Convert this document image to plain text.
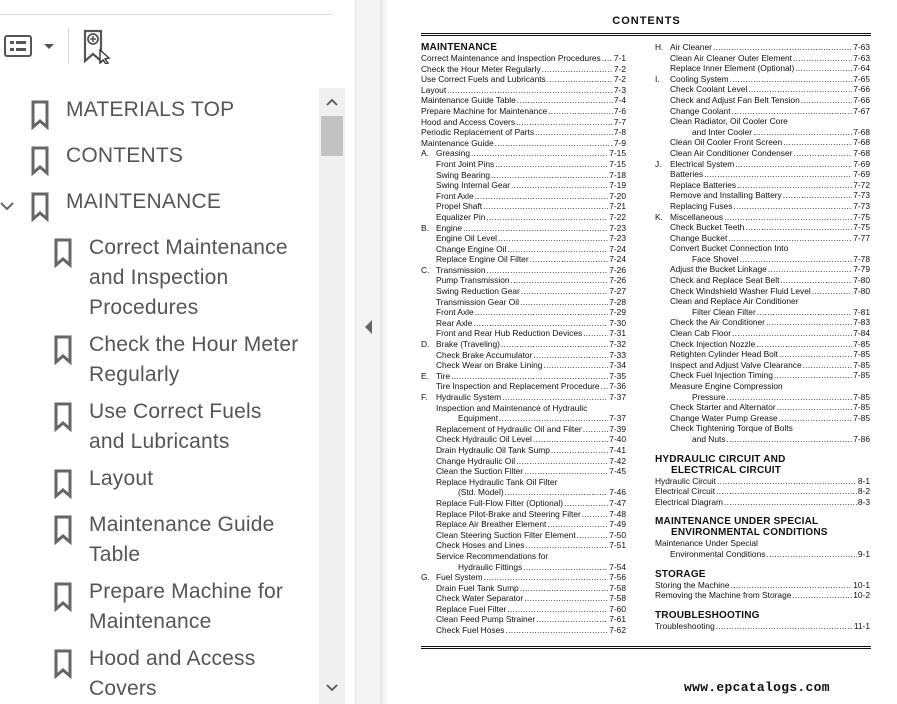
MATERIALS TOP
CONTENTS
MAINTENANCE
Correct Maintenance and Inspection Procedures
Check the Hour Meter Regularly
Use Correct Fuels and Lubricants
Layout
Maintenance Guide Table
Prepare Machine for Maintenance
Hood and Access Covers
CONTENTS
MAINTENANCE
Correct Maintenance and Inspection Procedures ..... 7-1
Check the Hour Meter Regularly .....	7-2
Use Correct Fuels and Lubricants .....	7-2
Layout .....	7-3
Maintenance Guide Table .....	7-4
Prepare Machine for Maintenance .....	7-6
Hood and Access Covers .....	7-7
Periodic Replacement of Parts .....	7-8
Maintenance Guide .....	7-9
A. Greasing .....	7-15
Front Joint Pins .....	7-15
Swing Bearing .....	7-18
Swing Internal Gear .....	7-19
Front Axle .....	7-20
Propel Shaft .....	7-21
Equalizer Pin .....	7-22
B. Engine .....	7-23
Engine Oil Level .....	7-23
Change Engine Oil .....	7-24
Replace Engine Oil Filter .....	7-24
C. Transmission .....	7-26
Pump Transmission .....	7-26
Swing Reduction Gear .....	7-27
Transmission Gear Oil .....	7-28
Front Axle .....	7-29
Rear Axle .....	7-30
Front and Rear Hub Reduction Devices .....	7-31
D. Brake (Traveling) .....	7-32
Check Brake Accumulator .....	7-33
Check Wear on Brake Lining .....	7-34
E. Tire .....	7-35
Tire Inspection and Replacement Procedure ..... 7-36
F.	Hydraulic System .....	7-37
Inspection and Maintenance of Hydraulic
Equipment .....	7-37
Replacement of Hydraulic Oil and Filter .....	7-39
Check Hydraulic Oil Level .....	7-40
Drain Hydraulic Oil Tank Sump .....	7-41
Change Hydraulic Oil .....	7-42
Clean the Suction Filter .....	7-45
Replace Hydraulic Tank Oil Filter
(Std. Model) .....	7-46
Replace Full-Flow Filter (Optional) .....	7-47
Replace Pilot-Brake and Steering Filter .....	7-48
Replace Air Breather Element .....	7-49
Clean Steering Suction Filter Element .....	7-50
Check Hoses and Lines .....	7-51
Service Recommendations for
Hydraulic Fittings .....	7-54
G. Fuel System .....	7-56
Drain Fuel Tank Sump .....	7-58
Check Water Separator .....	7-58
Replace Fuel Filter .....	7-60
Clean Feed Pump Strainer .....	7-61
Check Fuel Hoses .....	7-62
H. Air Cleaner .....	7-63
Clean Air Cleaner Outer Element .....	7-63
Replace Inner Element (Optional) .....	7-64
I.	Cooling System .....	7-65
Check Coolant Level .....	7-66
Check and Adjust Fan Belt Tension .....	7-66
Change Coolant .....	7-67
Clean Radiator, Oil Cooler Core
and Inter Cooler .....	7-68
Clean Oil Cooler Front Screen .....	7-68
Clean Air Conditioner Condenser .....	7-68
J.	Electrical System .....	7-69
Batteries .....	7-69
Replace Batteries .....	7-72
Remove and Installing Battery .....	7-73
Replacing Fuses .....	7-73
K. Miscellaneous .....	7-75
Check Bucket Teeth .....	7-75
Change Bucket .....	7-77
Convert Bucket Connection Into
Face Shovel .....	7-78
Adjust the Bucket Linkage .....	7-79
Check and Replace Seat Belt .....	7-80
Check Windshield Washer Fluid Level .....	7-80
Clean and Replace Air Conditioner
Filter Clean Filter .....	7-81
Check the Air Conditioner .....	7-83
Clean Cab Floor .....	7-84
Check Injection Nozzle .....	7-85
Retighten Cylinder Head Bolt .....	7-85
Inspect and Adjust Valve Clearance .....	7-85
Check Fuel Injection Timing .....	7-85
Measure Engine Compression
Pressure .....	7-85
Check Starter and Alternator .....	7-85
Change Water Pump Grease .....	7-85
Check Tightening Torque of Bolts
and Nuts .....	7-86
HYDRAULIC CIRCUIT AND
ELECTRICAL CIRCUIT
Hydraulic Circuit .....	8-1
Electrical Circuit .....	8-2
Electrical Diagram .....	8-3
MAINTENANCE UNDER SPECIAL
ENVIRONMENTAL CONDITIONS
Maintenance Under Special
Environmental Conditions .....	9-1
STORAGE
Storing the Machine .....	10-1
Removing the Machine from Storage .....	10-2
TROUBLESHOOTING
Troubleshooting .....	11-1
www.epcatalogs.com
